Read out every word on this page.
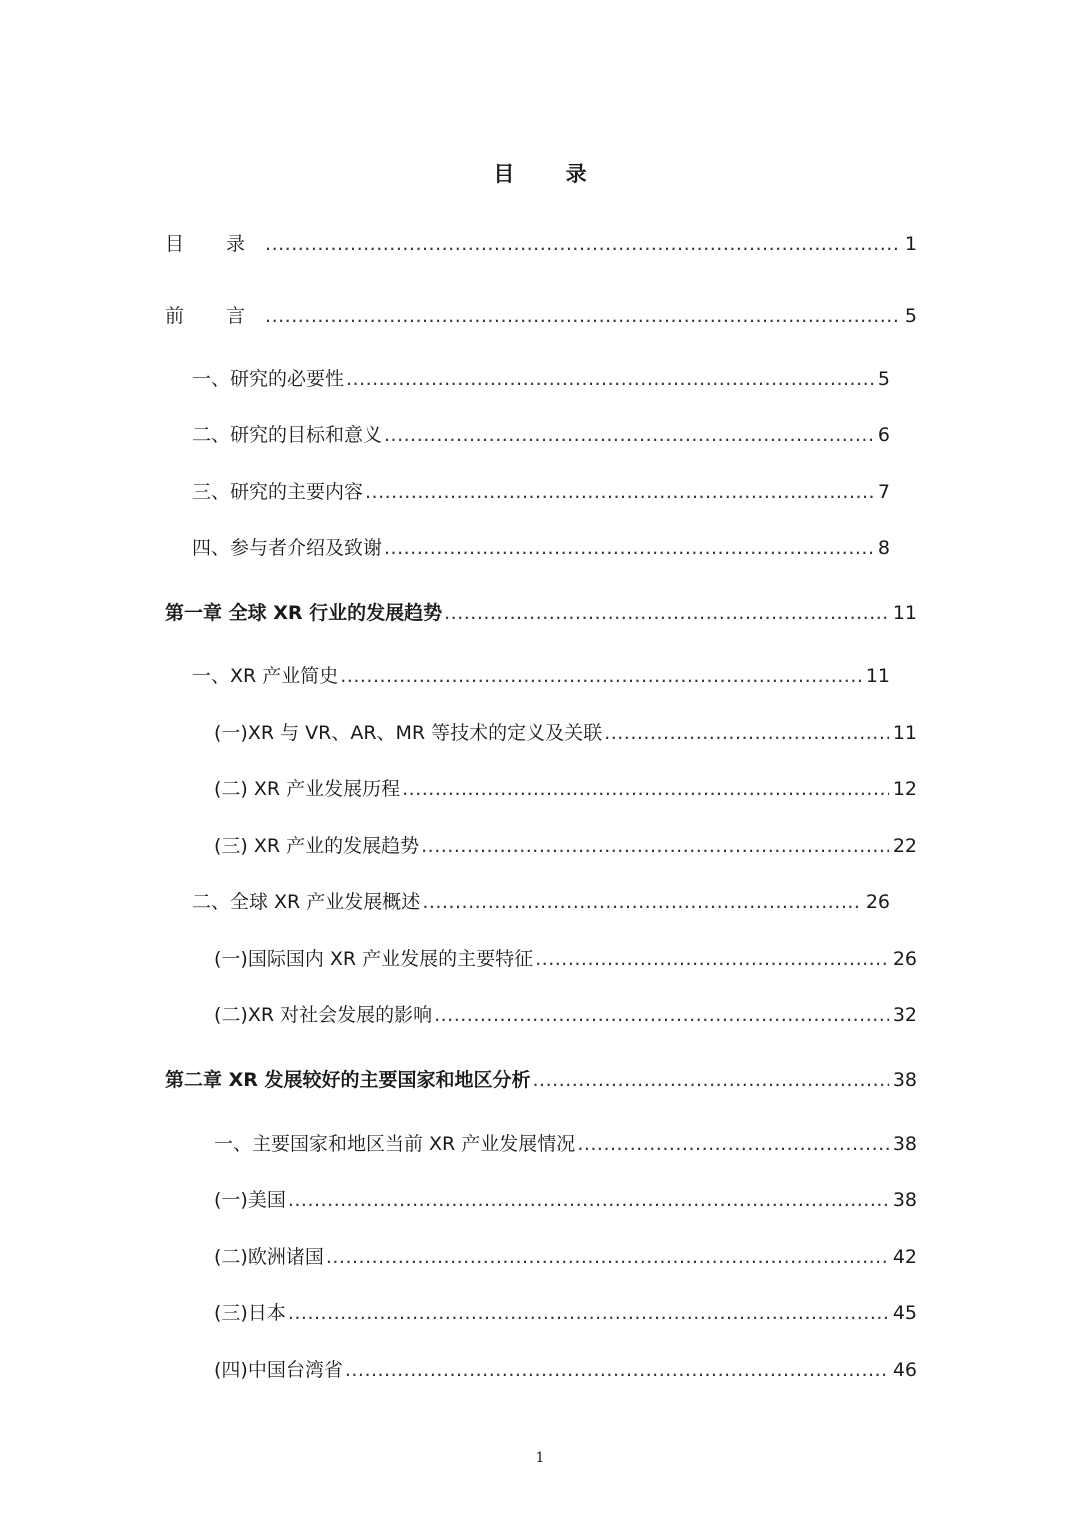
目 录
目 录 .....	1
前 言 .....	5
一、研究的必要性 .....	5
二、研究的目标和意义 .....	6
三、研究的主要内容 .....	7
四、参与者介绍及致谢 .....	8
第一章 全球 XR 行业的发展趋势 .....	11
一、XR 产业简史 .....	11
(一)XR 与 VR、AR、MR 等技术的定义及关联 .....	11
(二) XR 产业发展历程 .....	12
(三) XR 产业的发展趋势 .....	22
二、全球 XR 产业发展概述 .....	26
(一)国际国内 XR 产业发展的主要特征 .....	26
(二)XR 对社会发展的影响 .....	32
第二章 XR 发展较好的主要国家和地区分析 .....	38
一、主要国家和地区当前 XR 产业发展情况 .....	38
(一)美国 .....	38
(二)欧洲诸国 .....	42
(三)日本 .....	45
(四)中国台湾省 .....	46
1
